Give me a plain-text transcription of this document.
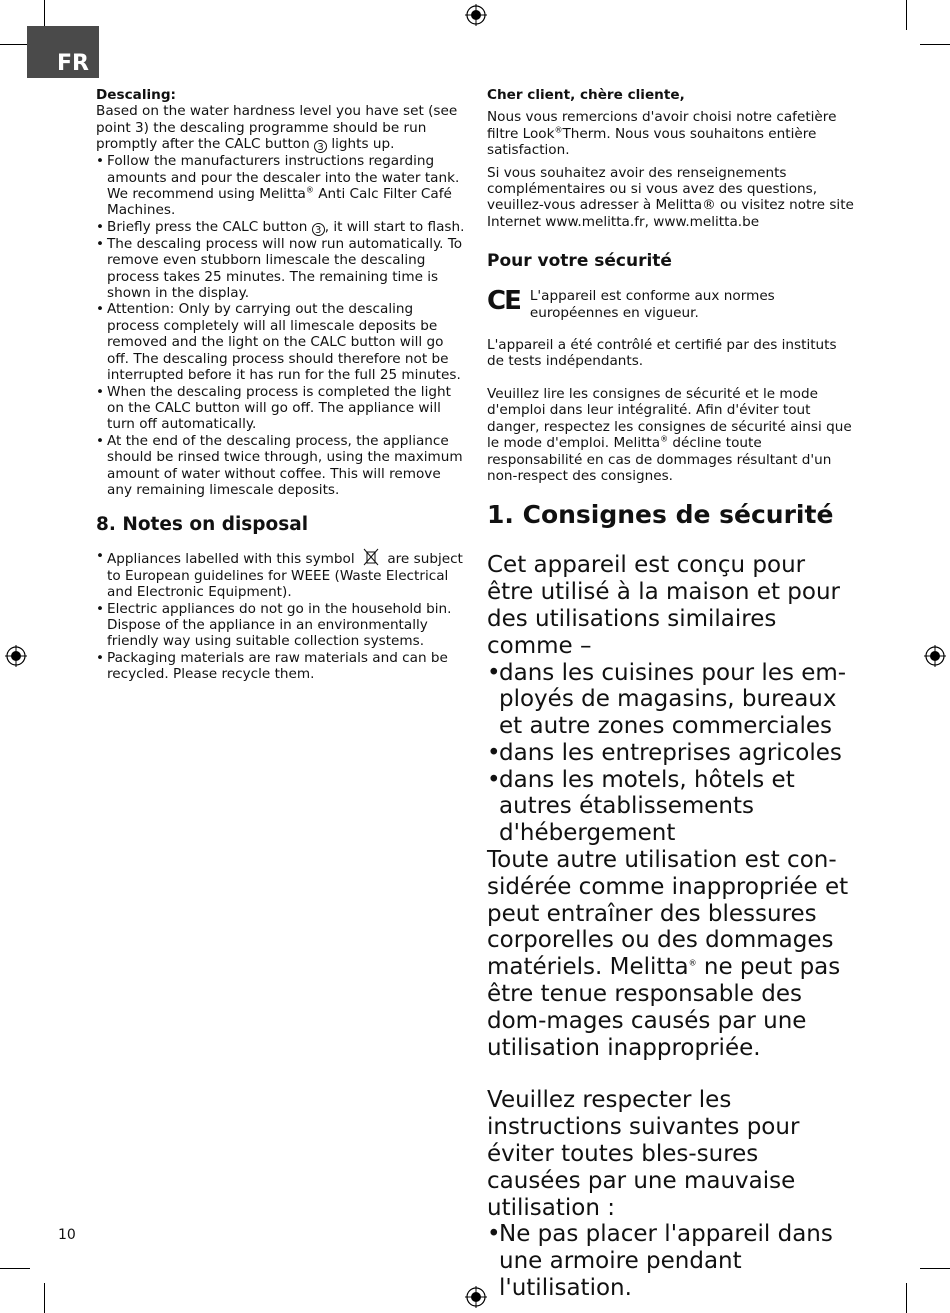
FR

Descaling:

Based on the water hardness level you have set (see point 3) the descaling programme should be run promptly after the CALC button 3 lights up.

• Follow the manufacturers instructions regarding amounts and pour the descaler into the water tank. We recommend using Melitta® Anti Calc Filter Café Machines.
• Briefly press the CALC button 3 , it will start to flash.
• The descaling process will now run automatically. To remove even stubborn limescale the descaling process takes 25 minutes. The remaining time is shown in the display.
• Attention: Only by carrying out the descaling process completely will all limescale deposits be removed and the light on the CALC button will go off. The descaling process should therefore not be interrupted before it has run for the full 25 minutes.
• When the descaling process is completed the light on the CALC button will go off. The appliance will turn off automatically.
• At the end of the descaling process, the appliance should be rinsed twice through, using the maximum amount of water without coffee. This will remove any remaining limescale deposits.

8. Notes on disposal

• Appliances labelled with this symbol are subject to European guidelines for WEEE (Waste Electrical and Electronic Equipment).
• Electric appliances do not go in the household bin. Dispose of the appliance in an environmentally friendly way using suitable collection systems.
• Packaging materials are raw materials and can be recycled. Please recycle them.

Cher client, chère cliente,

Nous vous remercions d'avoir choisi notre cafetière filtre Look®Therm. Nous vous souhaitons entière satisfaction.

Si vous souhaitez avoir des renseignements complémentaires ou si vous avez des questions, veuillez-vous adresser à Melitta® ou visitez notre site Internet www.melitta.fr, www.melitta.be

Pour votre sécurité

CE L'appareil est conforme aux normes européennes en vigueur.

L'appareil a été contrôlé et certifié par des instituts de tests indépendants.

Veuillez lire les consignes de sécurité et le mode d'emploi dans leur intégralité. Afin d'éviter tout danger, respectez les consignes de sécurité ainsi que le mode d'emploi. Melitta® décline toute responsabilité en cas de dommages résultant d'un non-respect des consignes.

1. Consignes de sécurité

Cet appareil est conçu pour être utilisé à la maison et pour des utilisations similaires comme –

• dans les cuisines pour les em-ployés de magasins, bureaux et autre zones commerciales
• dans les entreprises agricoles
• dans les motels, hôtels et autres établissements d'hébergement

Toute autre utilisation est con-sidérée comme inappropriée et peut entraîner des blessures corporelles ou des dommages matériels. Melitta® ne peut pas être tenue responsable des dom-mages causés par une utilisation inappropriée.

Veuillez respecter les instructions suivantes pour éviter toutes bles-sures causées par une mauvaise utilisation :

• Ne pas placer l'appareil dans une armoire pendant l'utilisation.
10
